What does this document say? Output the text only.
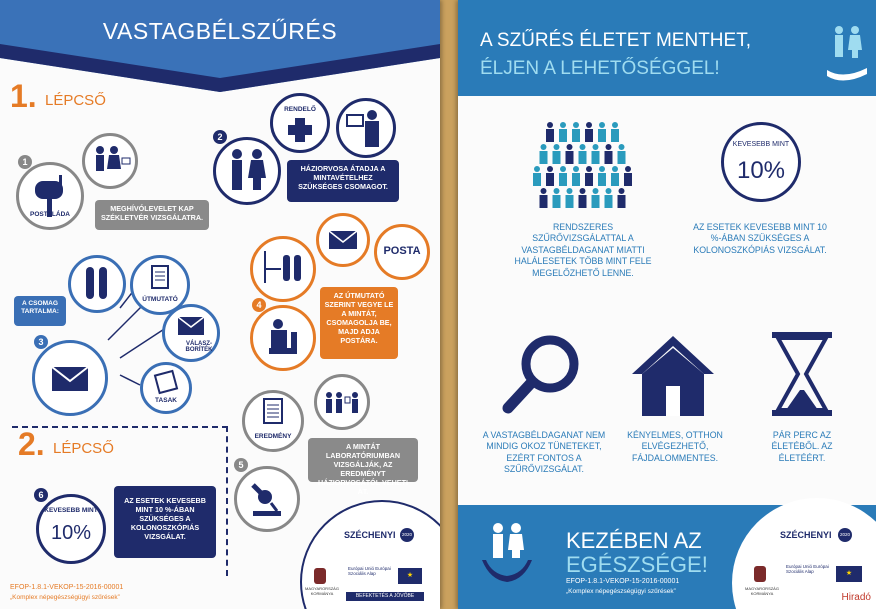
VASTAGBÉLSZŰRÉS
1. LÉPCSŐ
1
POSTALÁDA
MEGHÍVÓLEVELET KAP SZÉKLETVÉR VIZSGÁLATRA.
RENDELŐ
2
HÁZIORVOSA ÁTADJA A MINTAVÉTELHEZ SZÜKSÉGES CSOMAGOT.
3
A CSOMAG TARTALMA:
ÚTMUTATÓ
VÁLASZ-BORÍTÉK
TASAK
POSTA
4
AZ ÚTMUTATÓ SZERINT VEGYE LE A MINTÁT, CSOMAGOLJA BE, MAJD ADJA POSTÁRA.
EREDMÉNY
5
A MINTÁT LABORATÓRIUMBAN VIZSGÁLJÁK, AZ EREDMÉNYT HÁZIORVOSÁTÓL VEHETI ÁT.
2. LÉPCSŐ
6
KEVESEBB MINT
10%
AZ ESETEK KEVESEBB MINT 10 %-ÁBAN SZÜKSÉGES A KOLONOSZKÓPIÁS VIZSGÁLAT.
EFOP-1.8.1-VEKOP-15-2016-00001
„Komplex népegészségügyi szűrések”
SZÉCHENYI	2020
MAGYARORSZÁG KORMÁNYA
Európai Unió Európai Szociális Alap	★
BEFEKTETÉS A JÖVŐBE
A SZŰRÉS ÉLETET MENTHET,
ÉLJEN A LEHETŐSÉGGEL!
RENDSZERES SZŰRŐVIZSGÁLATTAL A VASTAGBÉLDAGANAT MIATTI HALÁLESETEK TÖBB MINT FELE MEGELŐZHETŐ LENNE.
KEVESEBB MINT
10%
AZ ESETEK KEVESEBB MINT 10 %-ÁBAN SZÜKSÉGES A KOLONOSZKÓPIÁS VIZSGÁLAT.
A VASTAGBÉLDAGANAT NEM MINDIG OKOZ TÜNETEKET, EZÉRT FONTOS A SZŰRŐVIZSGÁLAT.
KÉNYELMES, OTTHON ELVÉGEZHETŐ, FÁJDALOMMENTES.
PÁR PERC AZ ÉLETÉBŐL. AZ ÉLETÉÉRT.
KEZÉBEN AZ
EGÉSZSÉGE!
EFOP-1.8.1-VEKOP-15-2016-00001
„Komplex népegészségügyi szűrések”
SZÉCHENYI	2020
MAGYARORSZÁG KORMÁNYA
Európai Unió Európai Szociális Alap	★
Hiradó
